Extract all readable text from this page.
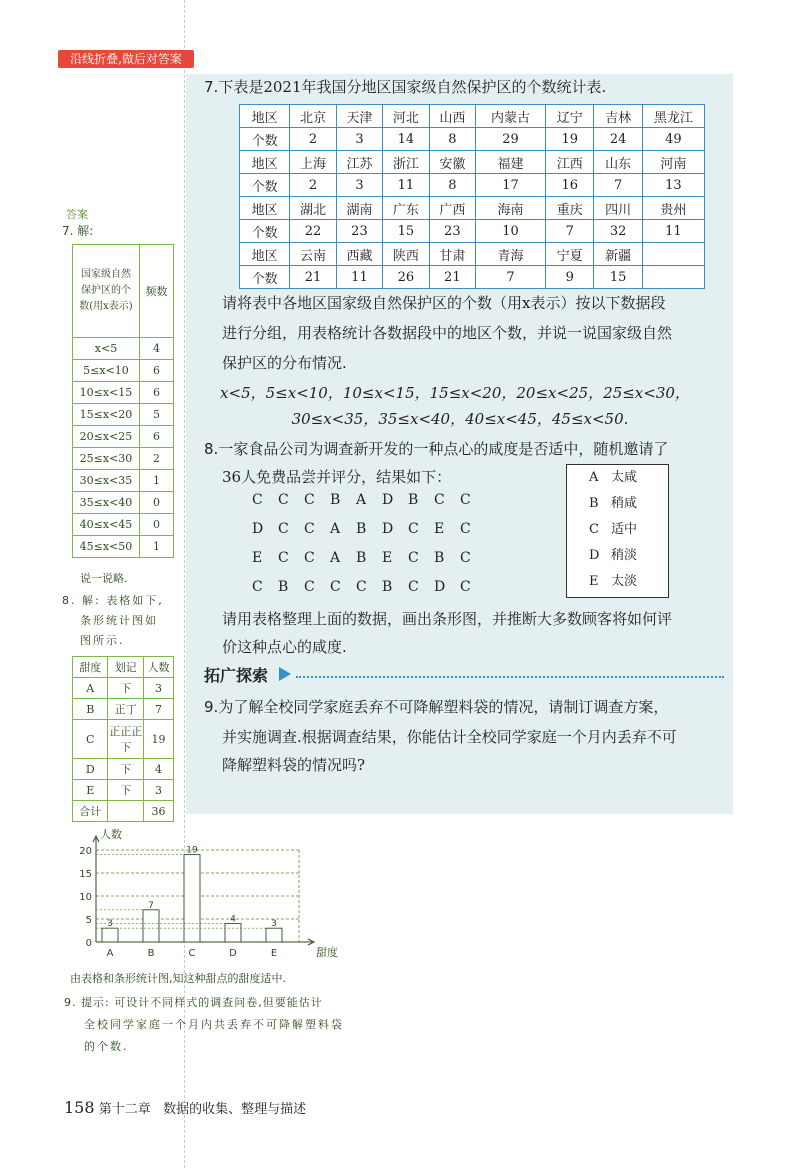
沿线折叠,做后对答案
7.下表是2021年我国分地区国家级自然保护区的个数统计表.
地区	北京	天津	河北	山西	内蒙古	辽宁	吉林	黑龙江
个数	2	3	14	8	29	19	24	49
地区	上海	江苏	浙江	安徽	福建	江西	山东	河南
个数	2	3	11	8	17	16	7	13
地区	湖北	湖南	广东	广西	海南	重庆	四川	贵州
个数	22	23	15	23	10	7	32	11
地区	云南	西藏	陕西	甘肃	青海	宁夏	新疆	
个数	21	11	26	21	7	9	15	
请将表中各地区国家级自然保护区的个数（用x表示）按以下数据段
进行分组，用表格统计各数据段中的地区个数，并说一说国家级自然
保护区的分布情况.
x<5，5≤x<10，10≤x<15，15≤x<20，20≤x<25，25≤x<30，
30≤x<35，35≤x<40，40≤x<45，45≤x<50.
8.一家食品公司为调查新开发的一种点心的咸度是否适中，随机邀请了
36人免费品尝并评分，结果如下：
C C C B A D B C C
D C C A B D C E C
E C C A B E C B C
C B C C C B C D C
A 太咸
B 稍咸
C 适中
D 稍淡
E 太淡
请用表格整理上面的数据，画出条形图，并推断大多数顾客将如何评
价这种点心的咸度.
拓广探索
9.为了解全校同学家庭丢弃不可降解塑料袋的情况，请制订调查方案，
并实施调查.根据调查结果，你能估计全校同学家庭一个月内丢弃不可
降解塑料袋的情况吗?
答案
7. 解:
国家级自然
保护区的个
数(用x表示)	频数
x<5	4
5≤x<10	6
10≤x<15	6
15≤x<20	5
20≤x<25	6
25≤x<30	2
30≤x<35	1
35≤x<40	0
40≤x<45	0
45≤x<50	1
说一说略.
8. 解: 表格如下,
条形统计图如
图所示.
甜度	划记	人数
A	下	3
B	正丁	7
C	正正正下	19
D	下	4
E	下	3
合计		36
0
5
10
15
20
人数
甜度
3
A
7
B
19
C
4
D
3
E
由表格和条形统计图,知这种甜点的甜度适中.
9. 提示: 可设计不同样式的调查问卷,但要能估计
全校同学家庭一个月内共丢弃不可降解塑料袋
的个数.
158 第十二章 数据的收集、整理与描述
